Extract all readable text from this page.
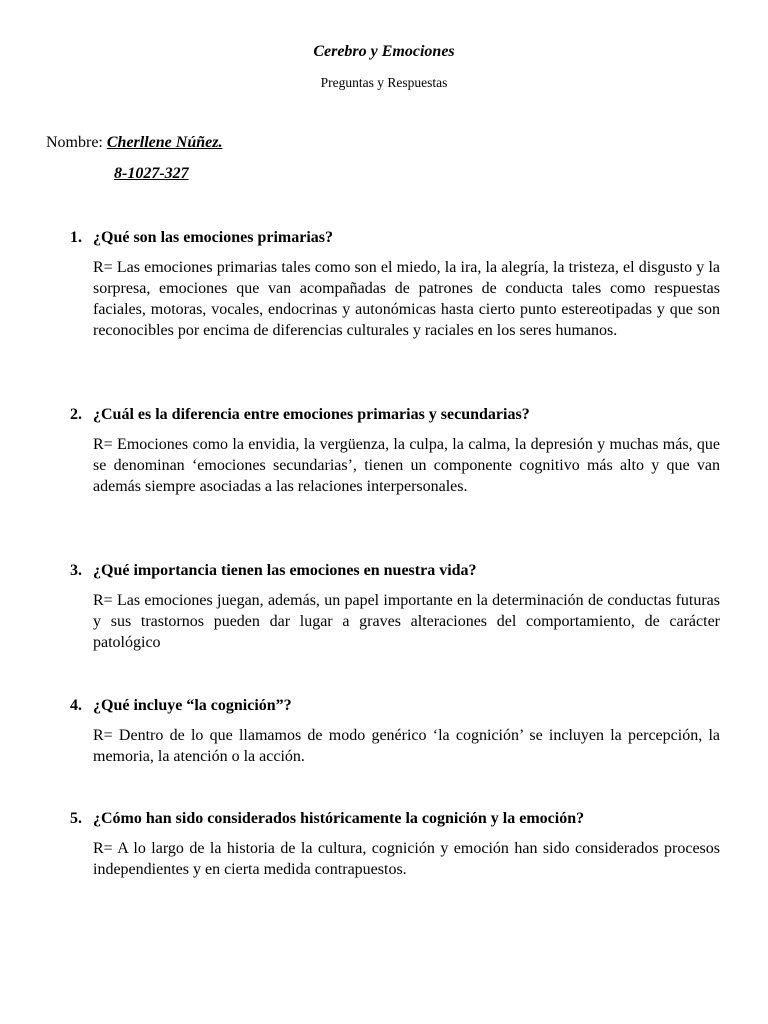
Cerebro y Emociones
Preguntas y Respuestas
Nombre: Cherllene Núñez.
8-1027-327
1. ¿Qué son las emociones primarias?
R= Las emociones primarias tales como son el miedo, la ira, la alegría, la tristeza, el disgusto y la sorpresa, emociones que van acompañadas de patrones de conducta tales como respuestas faciales, motoras, vocales, endocrinas y autonómicas hasta cierto punto estereotipadas y que son reconocibles por encima de diferencias culturales y raciales en los seres humanos.
2. ¿Cuál es la diferencia entre emociones primarias y secundarias?
R= Emociones como la envidia, la vergüenza, la culpa, la calma, la depresión y muchas más, que se denominan ‘emociones secundarias’, tienen un componente cognitivo más alto y que van además siempre asociadas a las relaciones interpersonales.
3. ¿Qué importancia tienen las emociones en nuestra vida?
R= Las emociones juegan, además, un papel importante en la determinación de conductas futuras y sus trastornos pueden dar lugar a graves alteraciones del comportamiento, de carácter patológico
4. ¿Qué incluye “la cognición”?
R= Dentro de lo que llamamos de modo genérico ‘la cognición’ se incluyen la percepción, la memoria, la atención o la acción.
5. ¿Cómo han sido considerados históricamente la cognición y la emoción?
R= A lo largo de la historia de la cultura, cognición y emoción han sido considerados procesos independientes y en cierta medida contrapuestos.
